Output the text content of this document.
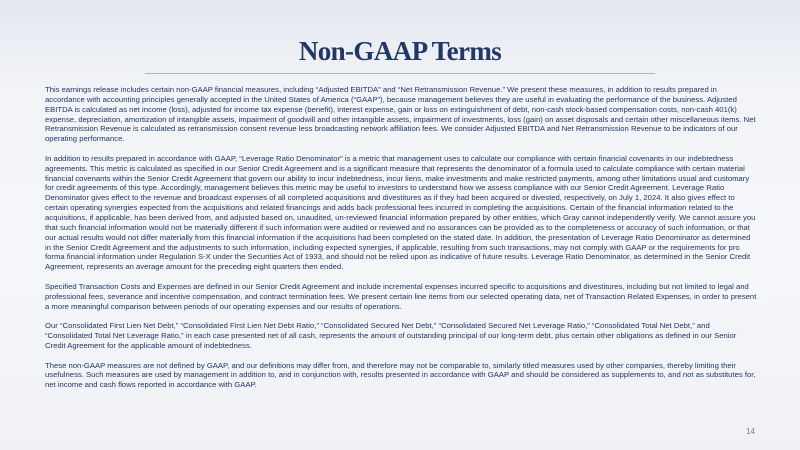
Non-GAAP Terms

This earnings release includes certain non-GAAP financial measures, including “Adjusted EBITDA” and “Net Retransmission Revenue.” We present these measures, in addition to results prepared in accordance with accounting principles generally accepted in the United States of America (“GAAP”), because management believes they are useful in evaluating the performance of the business. Adjusted EBITDA is calculated as net income (loss), adjusted for income tax expense (benefit), interest expense, gain or loss on extinguishment of debt, non-cash stock-based compensation costs, non-cash 401(k) expense, depreciation, amortization of intangible assets, impairment of goodwill and other intangible assets, impairment of investments, loss (gain) on asset disposals and certain other miscellaneous items. Net Retransmission Revenue is calculated as retransmission consent revenue less broadcasting network affiliation fees. We consider Adjusted EBITDA and Net Retransmission Revenue to be indicators of our operating performance.

In addition to results prepared in accordance with GAAP, “Leverage Ratio Denominator” is a metric that management uses to calculate our compliance with certain financial covenants in our indebtedness agreements. This metric is calculated as specified in our Senior Credit Agreement and is a significant measure that represents the denominator of a formula used to calculate compliance with certain material financial covenants within the Senior Credit Agreement that govern our ability to incur indebtedness, incur liens, make investments and make restricted payments, among other limitations usual and customary for credit agreements of this type. Accordingly, management believes this metric may be useful to investors to understand how we assess compliance with our Senior Credit Agreement. Leverage Ratio Denominator gives effect to the revenue and broadcast expenses of all completed acquisitions and divestitures as if they had been acquired or divested, respectively, on July 1, 2024. It also gives effect to certain operating synergies expected from the acquisitions and related financings and adds back professional fees incurred in completing the acquisitions. Certain of the financial information related to the acquisitions, if applicable, has been derived from, and adjusted based on, unaudited, un-reviewed financial information prepared by other entities, which Gray cannot independently verify. We cannot assure you that such financial information would not be materially different if such information were audited or reviewed and no assurances can be provided as to the completeness or accuracy of such information, or that our actual results would not differ materially from this financial information if the acquisitions had been completed on the stated date. In addition, the presentation of Leverage Ratio Denominator as determined in the Senior Credit Agreement and the adjustments to such information, including expected synergies, if applicable, resulting from such transactions, may not comply with GAAP or the requirements for pro forma financial information under Regulation S-X under the Securities Act of 1933, and should not be relied upon as indicative of future results. Leverage Ratio Denominator, as determined in the Senior Credit Agreement, represents an average amount for the preceding eight quarters then ended.

Specified Transaction Costs and Expenses are defined in our Senior Credit Agreement and include incremental expenses incurred specific to acquisitions and divestitures, including but not limited to legal and professional fees, severance and incentive compensation, and contract termination fees. We present certain line items from our selected operating data, net of Transaction Related Expenses, in order to present a more meaningful comparison between periods of our operating expenses and our results of operations.

Our “Consolidated First Lien Net Debt,” “Consolidated First Lien Net Debt Ratio,” “Consolidated Secured Net Debt,” “Consolidated Secured Net Leverage Ratio,” “Consolidated Total Net Debt,” and “Consolidated Total Net Leverage Ratio,” in each case presented net of all cash, represents the amount of outstanding principal of our long-term debt, plus certain other obligations as defined in our Senior Credit Agreement for the applicable amount of indebtedness.

These non-GAAP measures are not defined by GAAP, and our definitions may differ from, and therefore may not be comparable to, similarly titled measures used by other companies, thereby limiting their usefulness. Such measures are used by management in addition to, and in conjunction with, results presented in accordance with GAAP and should be considered as supplements to, and not as substitutes for, net income and cash flows reported in accordance with GAAP.

14
